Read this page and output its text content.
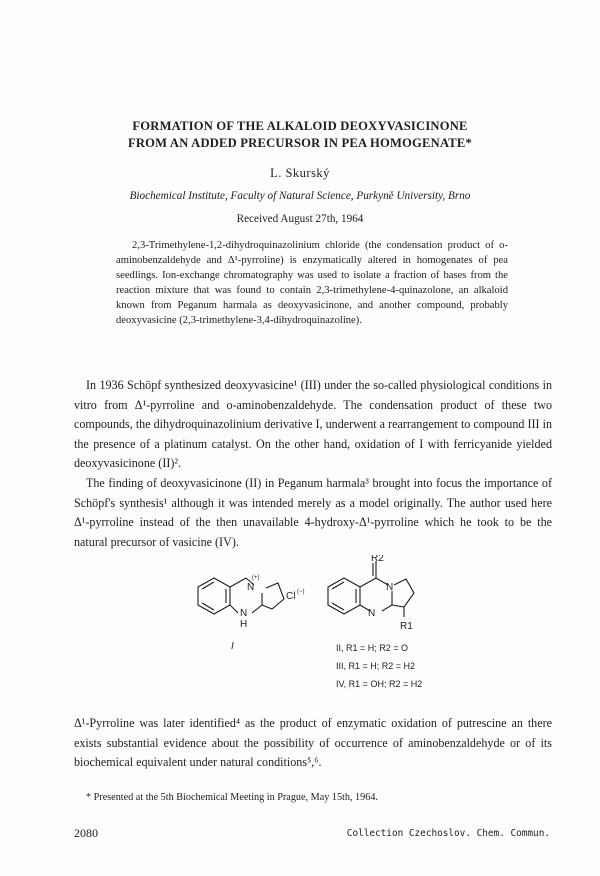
FORMATION OF THE ALKALOID DEOXYVASICINONE
FROM AN ADDED PRECURSOR IN PEA HOMOGENATE*
L. Skurský
Biochemical Institute, Faculty of Natural Science, Purkyně University, Brno
Received August 27th, 1964

2,3-Trimethylene-1,2-dihydroquinazolinium chloride (the condensation product of o-aminobenzaldehyde and Δ¹-pyrroline) is enzymatically altered in homogenates of pea seedlings. Ion-exchange chromatography was used to isolate a fraction of bases from the reaction mixture that was found to contain 2,3-trimethylene-4-quinazolone, an alkaloid known from Peganum harmala as deoxyvasicinone, and another compound, probably deoxyvasicine (2,3-trimethylene-3,4-dihydroquinazoline).

In 1936 Schöpf synthesized deoxyvasicine¹ (III) under the so-called physiological conditions in vitro from Δ¹-pyrroline and o-aminobenzaldehyde. The condensation product of these two compounds, the dihydroquinazolinium derivative I, underwent a rearrangement to compound III in the presence of a platinum catalyst. On the other hand, oxidation of I with ferricyanide yielded deoxyvasicinone (II)².

The finding of deoxyvasicinone (II) in Peganum harmala³ brought into focus the importance of Schöpf's synthesis¹ although it was intended merely as a model originally. The author used here Δ¹-pyrroline instead of the then unavailable 4-hydroxy-Δ¹-pyrroline which he took to be the natural precursor of vasicine (IV).

N
(+)
Cl (−)
N
H
R2
N
N
R1
I	II, R1 = H; R2 = O
III, R1 = H; R2 = H2
IV, R1 = OH; R2 = H2

Δ¹-Pyrroline was later identified⁴ as the product of enzymatic oxidation of putrescine an there exists substantial evidence about the possibility of occurrence of aminobenzaldehyde or of its biochemical equivalent under natural conditions⁵,⁶.

* Presented at the 5th Biochemical Meeting in Prague, May 15th, 1964.
2080	Collection Czechoslov. Chem. Commun.
